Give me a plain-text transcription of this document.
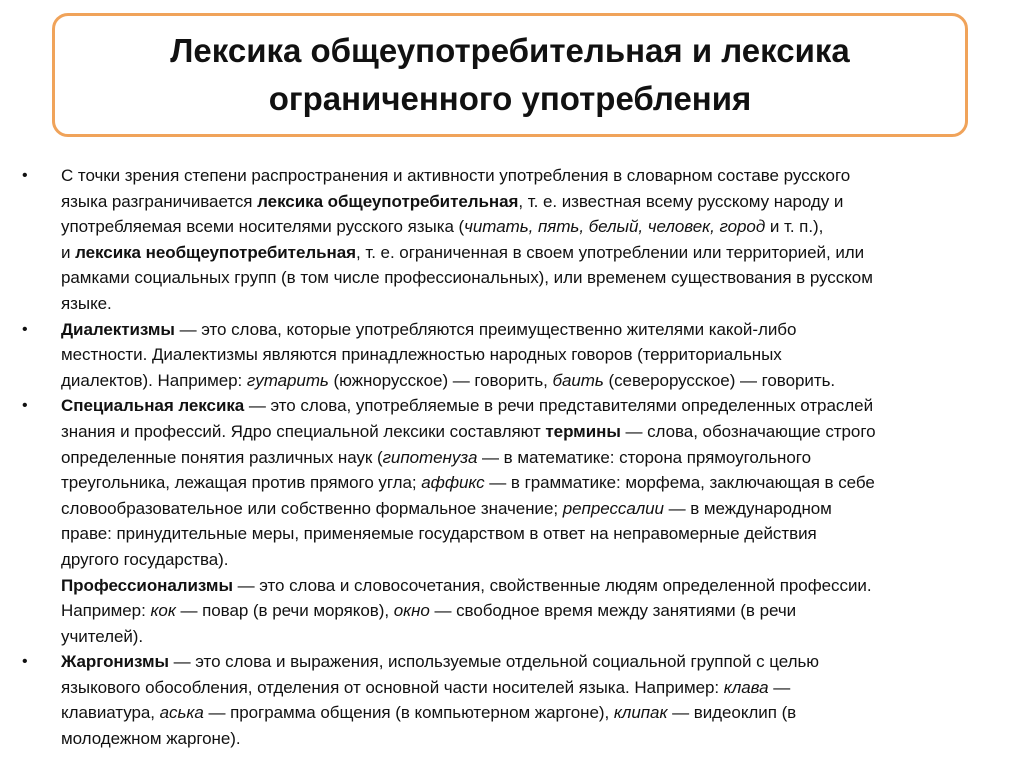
Лексика общеупотребительная и лексика
ограниченного употребления
• С точки зрения степени распространения и активности употребления в словарном составе русского
языка разграничивается лексика общеупотребительная, т. е. известная всему русскому народу и
употребляемая всеми носителями русского языка (читать, пять, белый, человек, город и т. п.),
и лексика необщеупотребительная, т. е. ограниченная в своем употреблении или территорией, или
рамками социальных групп (в том числе профессиональных), или временем существования в русском
языке.
• Диалектизмы — это слова, которые употребляются преимущественно жителями какой-либо
местности. Диалектизмы являются принадлежностью народных говоров (территориальных
диалектов). Например: гутарить (южнорусское) — говорить, баить (северорусское) — говорить.
• Специальная лексика — это слова, употребляемые в речи представителями определенных отраслей
знания и профессий. Ядро специальной лексики составляют термины — слова, обозначающие строго
определенные понятия различных наук (гипотенуза — в математике: сторона прямоугольного
треугольника, лежащая против прямого угла; аффикс — в грамматике: морфема, заключающая в себе
словообразовательное или собственно формальное значение; репрессалии — в международном
праве: принудительные меры, применяемые государством в ответ на неправомерные действия
другого государства).
Профессионализмы — это слова и словосочетания, свойственные людям определенной профессии.
Например: кок — повар (в речи моряков), окно — свободное время между занятиями (в речи
учителей).
• Жаргонизмы — это слова и выражения, используемые отдельной социальной группой с целью
языкового обособления, отделения от основной части носителей языка. Например: клава —
клавиатура, аська — программа общения (в компьютерном жаргоне), клипак — видеоклип (в
молодежном жаргоне).
